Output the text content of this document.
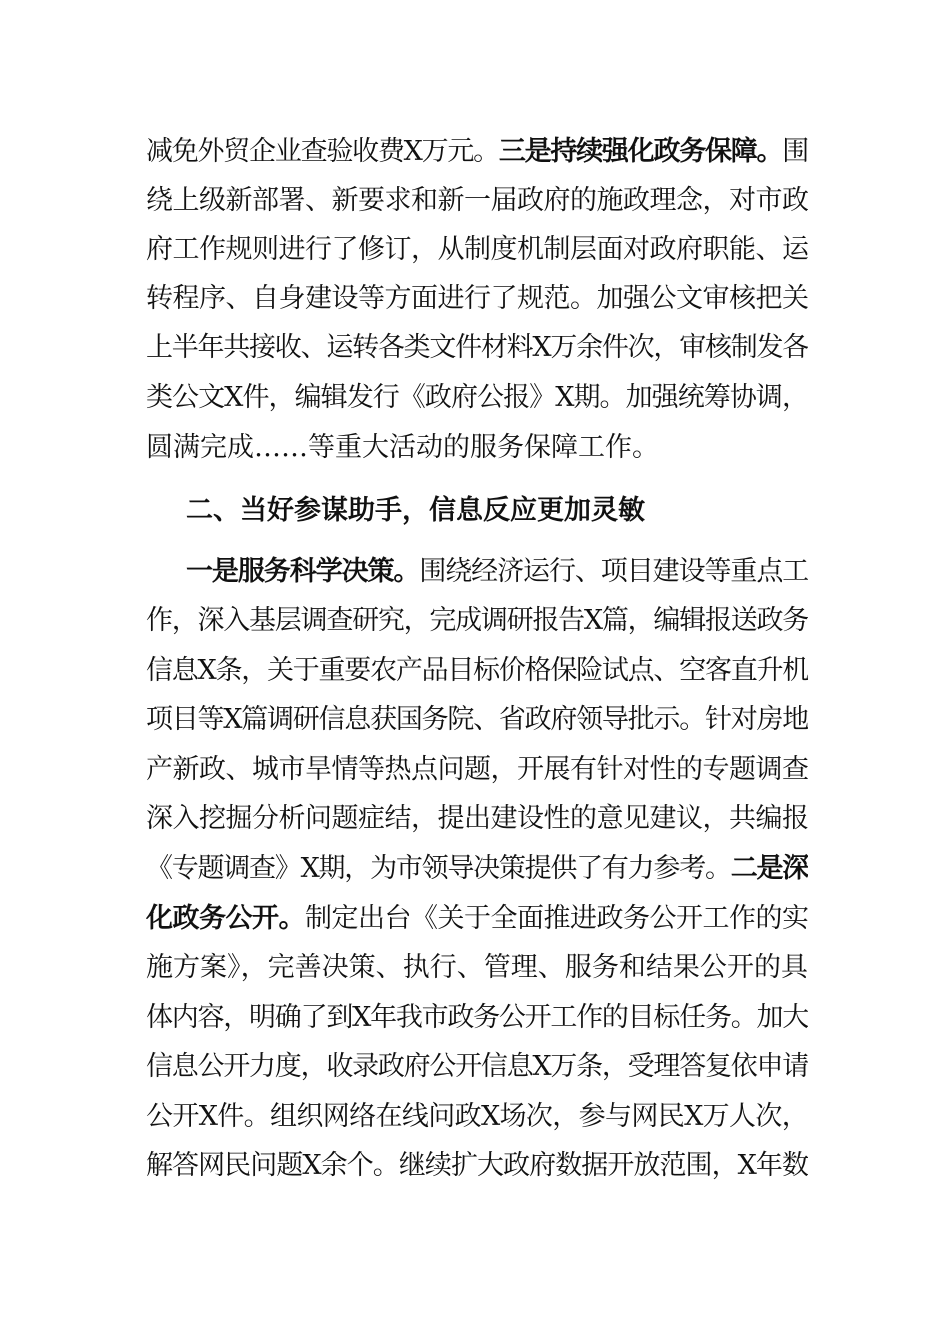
减免外贸企业查验收费X万元。三是持续强化政务保障。围
绕上级新部署、新要求和新一届政府的施政理念，对市政
府工作规则进行了修订，从制度机制层面对政府职能、运
转程序、自身建设等方面进行了规范。加强公文审核把关
上半年共接收、运转各类文件材料X万余件次，审核制发各
类公文X件，编辑发行《政府公报》X期。加强统筹协调，
圆满完成……等重大活动的服务保障工作。
二、当好参谋助手，信息反应更加灵敏
一是服务科学决策。围绕经济运行、项目建设等重点工
作，深入基层调查研究，完成调研报告X篇，编辑报送政务
信息X条，关于重要农产品目标价格保险试点、空客直升机
项目等X篇调研信息获国务院、省政府领导批示。针对房地
产新政、城市旱情等热点问题，开展有针对性的专题调查
深入挖掘分析问题症结，提出建设性的意见建议，共编报
《专题调查》X期，为市领导决策提供了有力参考。二是深
化政务公开。制定出台《关于全面推进政务公开工作的实
施方案》，完善决策、执行、管理、服务和结果公开的具
体内容，明确了到X年我市政务公开工作的目标任务。加大
信息公开力度，收录政府公开信息X万条，受理答复依申请
公开X件。组织网络在线问政X场次，参与网民X万人次，
解答网民问题X余个。继续扩大政府数据开放范围，X年数
